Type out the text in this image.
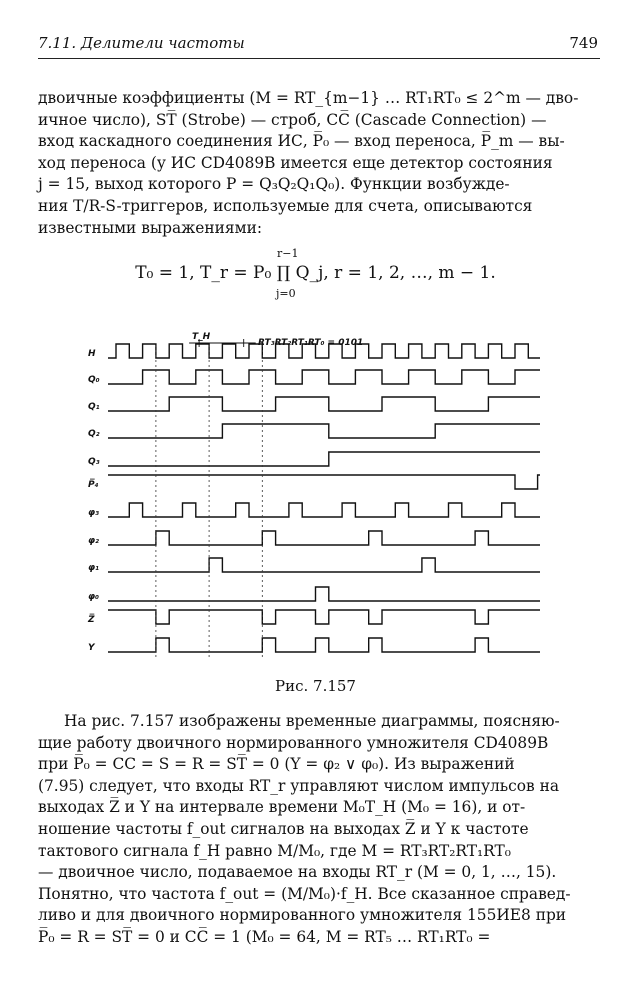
7.11. Делители частоты	749
двоичные коэффициенты (M = RT_{m−1} … RT₁RT₀ ≤ 2^m — дво-
ичное число), ST̅ (Strobe) — строб, CC̅ (Cascade Connection) —
вход каскадного соединения ИС, P̅₀ — вход переноса, P̅_m — вы-
ход переноса (у ИС CD4089B имеется еще детектор состояния
j = 15, выход которого P = Q₃Q₂Q₁Q₀). Функции возбужде-
ния T/R-S-триггеров, используемые для счета, описываются
известными выражениями:
r−1
T₀ = 1, T_r = P₀ ∏ Q_j, r = 1, 2, …, m − 1.
j=0
T_H
RT₃RT₂RT₁RT₀ = 0101
H
Q₀
Q₁
Q₂
Q₃
P̅₄
φ₃
φ₂
φ₁
φ₀
Z̅
Y
Рис. 7.157
На рис. 7.157 изображены временные диаграммы, поясняю-
щие работу двоичного нормированного умножителя CD4089B
при P̅₀ = CC = S = R = ST̅ = 0 (Y = φ₂ ∨ φ₀). Из выражений
(7.95) следует, что входы RT_r управляют числом импульсов на
выходах Z̅ и Y на интервале времени M₀T_H (M₀ = 16), и от-
ношение частоты f_out сигналов на выходах Z̅ и Y к частоте
тактового сигнала f_H равно M/M₀, где M = RT₃RT₂RT₁RT₀
— двоичное число, подаваемое на входы RT_r (M = 0, 1, …, 15).
Понятно, что частота f_out = (M/M₀)·f_H. Все сказанное справед-
ливо и для двоичного нормированного умножителя 155ИЕ8 при
P̅₀ = R = ST̅ = 0 и CC̅ = 1 (M₀ = 64, M = RT₅ … RT₁RT₀ =
